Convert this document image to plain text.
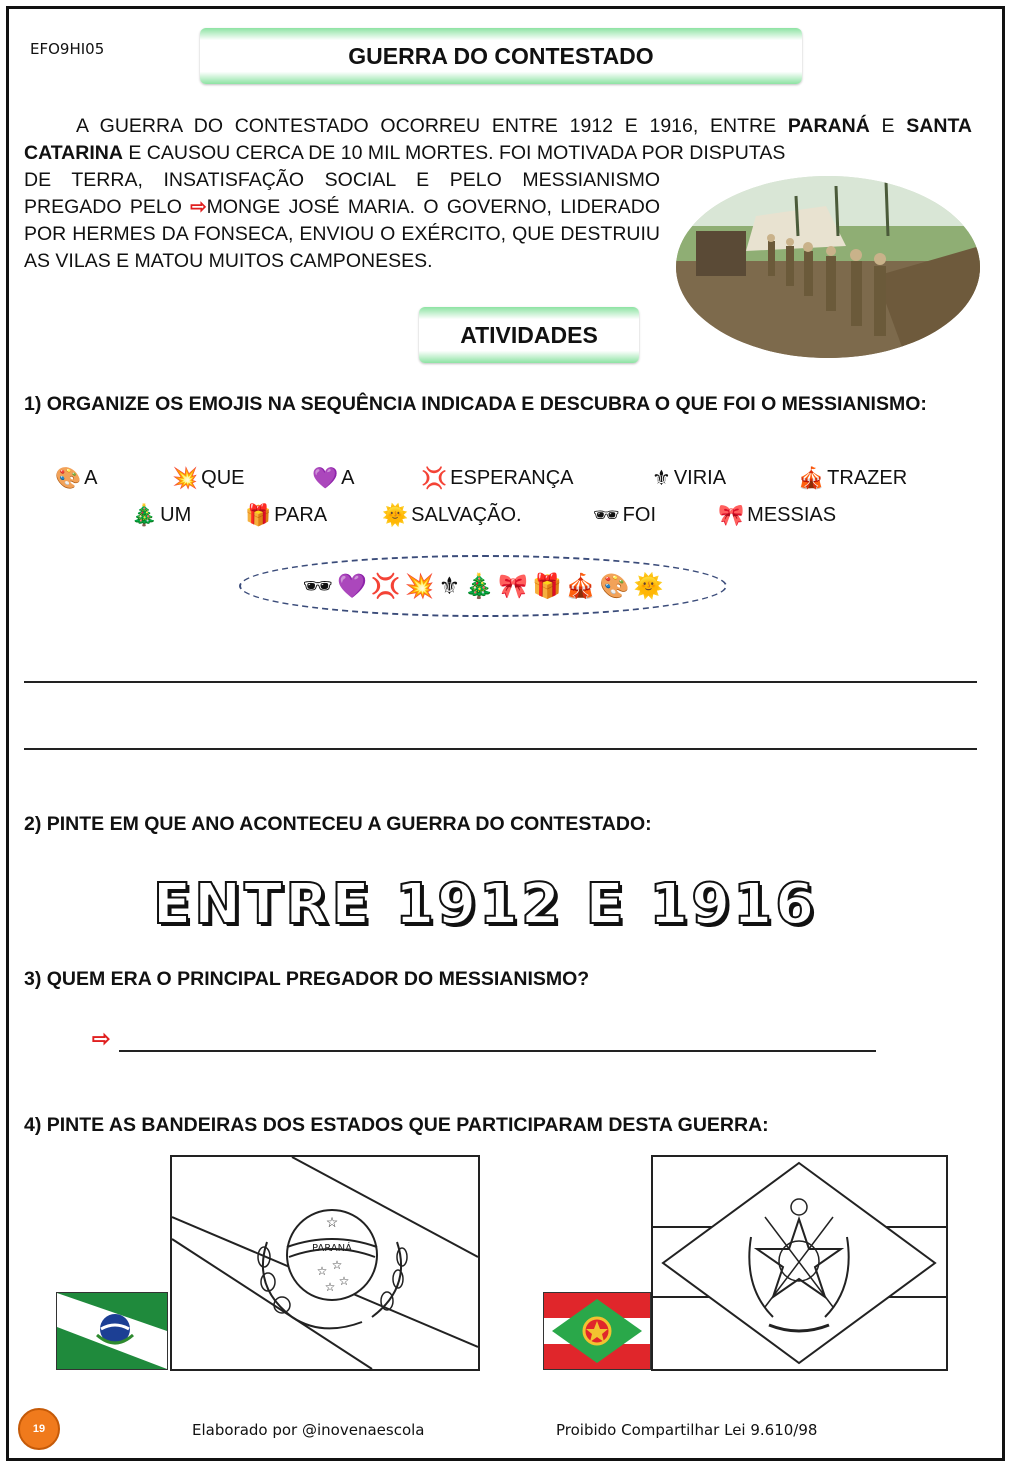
EFO9HI05	GUERRA DO CONTESTADO
A GUERRA DO CONTESTADO OCORREU ENTRE 1912 E 1916, ENTRE PARANÁ E SANTA CATARINA E CAUSOU CERCA DE 10 MIL MORTES. FOI MOTIVADA POR DISPUTAS
DE TERRA, INSATISFAÇÃO SOCIAL E PELO MESSIANISMO PREGADO PELO ⇨MONGE JOSÉ MARIA. O GOVERNO, LIDERADO POR HERMES DA FONSECA, ENVIOU O EXÉRCITO, QUE DESTRUIU AS VILAS E MATOU MUITOS CAMPONESES.
ATIVIDADES
1) ORGANIZE OS EMOJIS NA SEQUÊNCIA INDICADA E DESCUBRA O QUE FOI O MESSIANISMO:
🎨 A	💥 QUE	💜 A	💢 ESPERANÇA	⚜ VIRIA	🎪 TRAZER
🎄 UM	🎁 PARA	🌞 SALVAÇÃO.	🕶 FOI	🎀 MESSIAS
🕶 💜 💢 💥 ⚜ 🎄 🎀 🎁 🎪 🎨 🌞
2) PINTE EM QUE ANO ACONTECEU A GUERRA DO CONTESTADO:
ENTRE 1912 E 1916
3) QUEM ERA O PRINCIPAL PREGADOR DO MESSIANISMO?
⇨
4) PINTE AS BANDEIRAS DOS ESTADOS QUE PARTICIPARAM DESTA GUERRA:
PARANÁ
☆
☆ ☆
☆
☆
19	Elaborado por @inovenaescola	Proibido Compartilhar Lei 9.610/98
